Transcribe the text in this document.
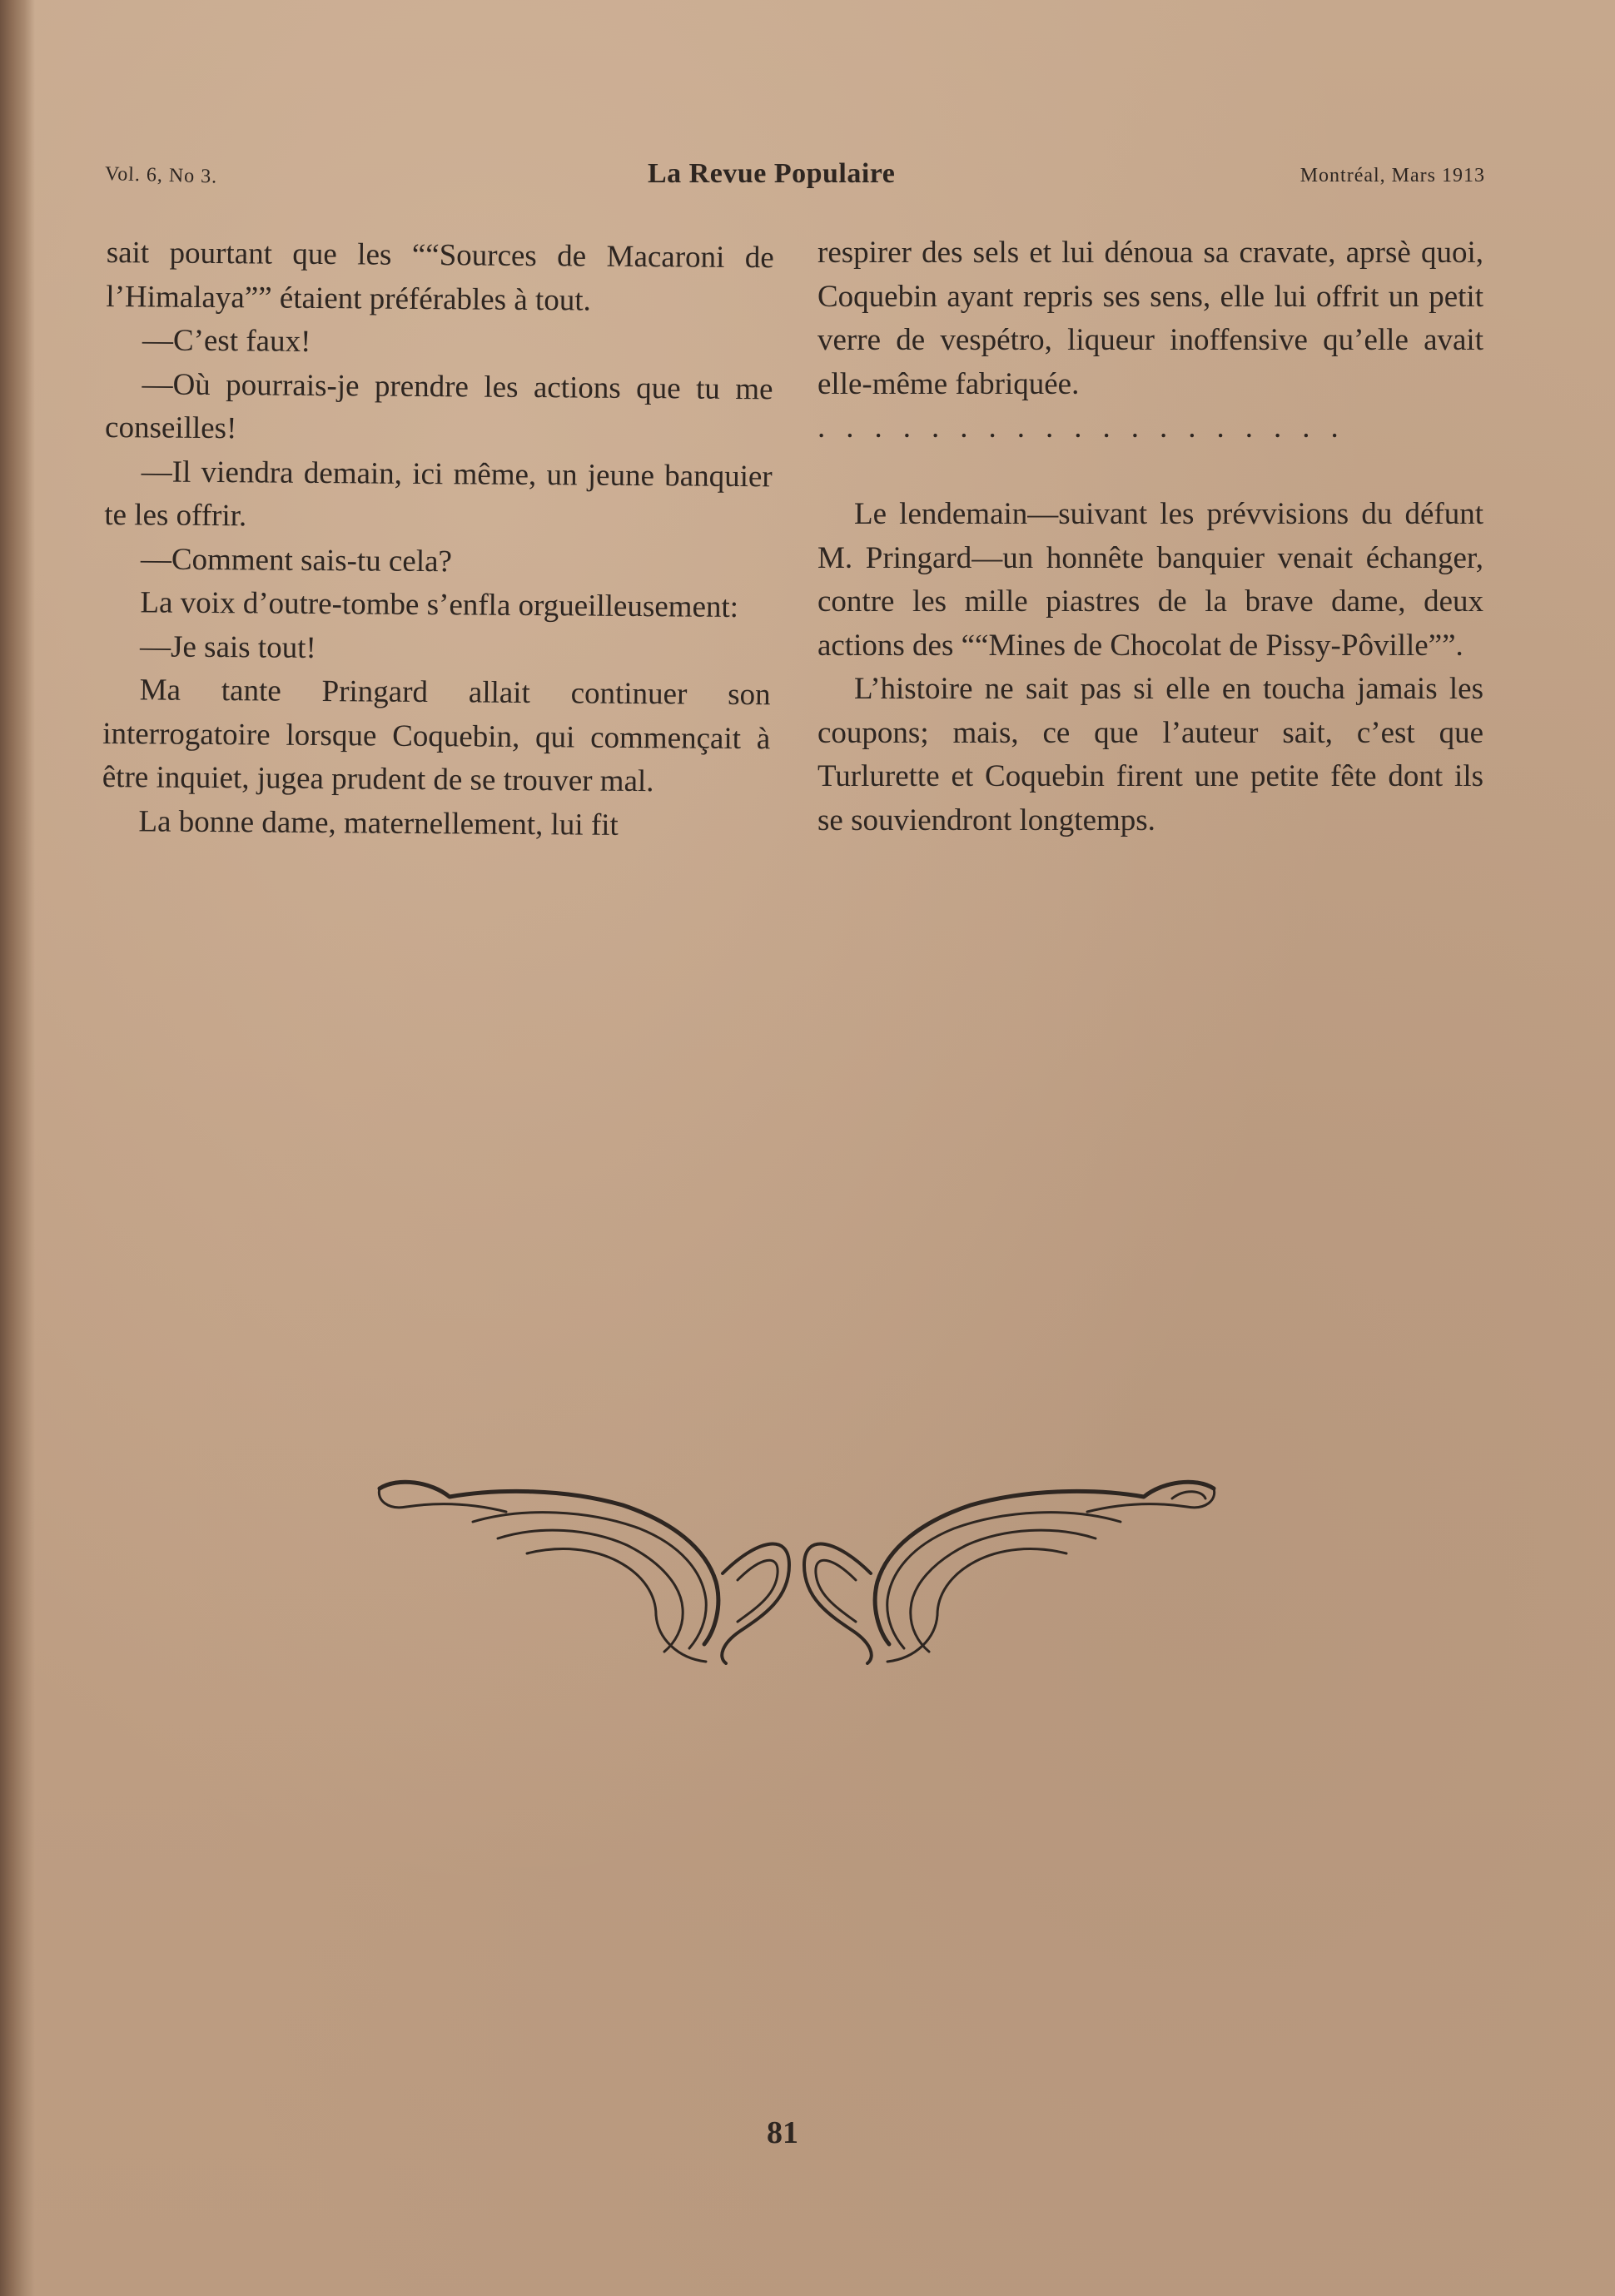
Vol. 6, No 3.	La Revue Populaire	Montréal, Mars 1913

sait pourtant que les ““Sources de Macaroni de l’Himalaya”” étaient préférables à tout.

—C’est faux!

—Où pourrais-je prendre les actions que tu me conseilles!

—Il viendra demain, ici même, un jeune banquier te les offrir.

—Comment sais-tu cela?

La voix d’outre-tombe s’enfla orgueilleusement:

—Je sais tout!

Ma tante Pringard allait continuer son interrogatoire lorsque Coquebin, qui commençait à être inquiet, jugea prudent de se trouver mal.

La bonne dame, maternellement, lui fit

respirer des sels et lui dénoua sa cravate, aprsè quoi, Coquebin ayant repris ses sens, elle lui offrit un petit verre de vespétro, liqueur inoffensive qu’elle avait elle-même fabriquée.

...................

Le lendemain—suivant les prévvisions du défunt M. Pringard—un honnête banquier venait échanger, contre les mille piastres de la brave dame, deux actions des ““Mines de Chocolat de Pissy-Pôville””.

L’histoire ne sait pas si elle en toucha jamais les coupons; mais, ce que l’auteur sait, c’est que Turlurette et Coquebin firent une petite fête dont ils se souviendront longtemps.

81
